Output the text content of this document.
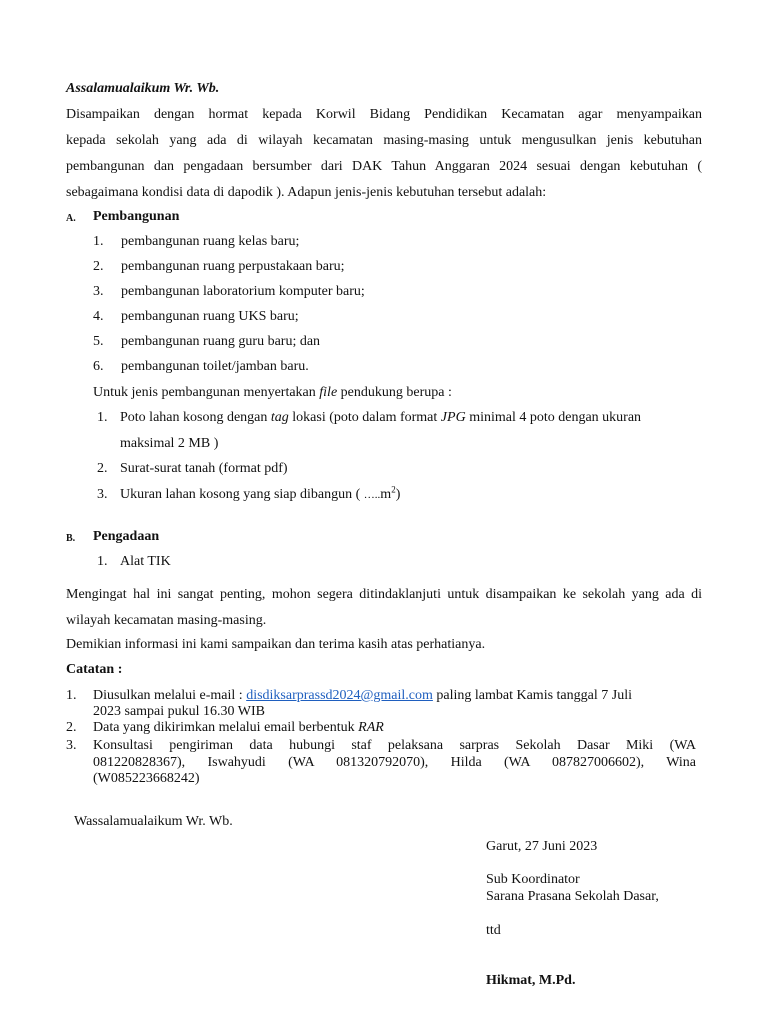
Assalamualaikum Wr. Wb.
Disampaikan dengan hormat kepada Korwil Bidang Pendidikan Kecamatan agar menyampaikan
kepada sekolah yang ada di wilayah kecamatan masing-masing untuk mengusulkan jenis kebutuhan
pembangunan dan pengadaan bersumber dari DAK Tahun Anggaran 2024 sesuai dengan kebutuhan (
sebagaimana kondisi data di dapodik ). Adapun jenis-jenis kebutuhan tersebut adalah:
A. Pembangunan
1. pembangunan ruang kelas baru;
2. pembangunan ruang perpustakaan baru;
3. pembangunan laboratorium komputer baru;
4. pembangunan ruang UKS baru;
5. pembangunan ruang guru baru; dan
6. pembangunan toilet/jamban baru.
Untuk jenis pembangunan menyertakan file pendukung berupa :
1. Poto lahan kosong dengan tag lokasi (poto dalam format JPG minimal 4 poto dengan ukuran
maksimal 2 MB )
2. Surat-surat tanah (format pdf)
3. Ukuran lahan kosong yang siap dibangun ( $\dots..m^2$)
B. Pengadaan
1. Alat TIK
Mengingat hal ini sangat penting, mohon segera ditindaklanjuti untuk disampaikan ke sekolah yang ada di
wilayah kecamatan masing-masing.
Demikian informasi ini kami sampaikan dan terima kasih atas perhatianya.
Catatan :
1. Diusulkan melalui e-mail : disdiksarprassd2024@gmail.com paling lambat Kamis tanggal 7 Juli
2023 sampai pukul 16.30 WIB
2. Data yang dikirimkan melalui email berbentuk RAR
3. Konsultasi pengiriman data hubungi staf pelaksana sarpras Sekolah Dasar Miki (WA
081220828367), Iswahyudi (WA 081320792070), Hilda (WA 087827006602), Wina
(W085223668242)
Wassalamualaikum Wr. Wb.
Garut, 27 Juni 2023
Sub Koordinator
Sarana Prasana Sekolah Dasar,
ttd
Hikmat, M.Pd.
